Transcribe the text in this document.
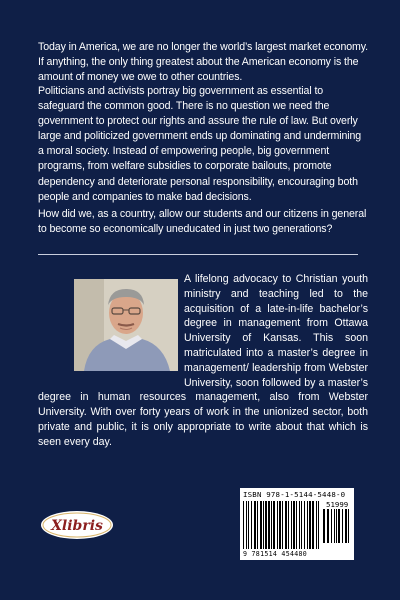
Today in America, we are no longer the world’s largest market economy. If anything, the only thing greatest about the American economy is the amount of money we owe to other countries.

Politicians and activists portray big government as essential to safeguard the common good. There is no question we need the government to protect our rights and assure the rule of law. But overly large and politicized government ends up dominating and undermining a moral society. Instead of empowering people, big government programs, from welfare subsidies to corporate bailouts, promote dependency and deteriorate personal responsibility, encouraging both people and companies to make bad decisions.

How did we, as a country, allow our students and our citizens in general to become so economically uneducated in just two generations?

A lifelong advocacy to Christian youth ministry and teaching led to the acquisition of a late-in-life bachelor’s degree in management from Ottawa University of Kansas. This soon matriculated into a master’s degree in management/ leadership from Webster University, soon followed by a master’s degree in human resources management, also from Webster University. With over forty years of work in the unionized sector, both private and public, it is only appropriate to write about that which is seen every day.

Xlibris
ISBN 978-1-5144-5448-0
51999
9 781514 454480
